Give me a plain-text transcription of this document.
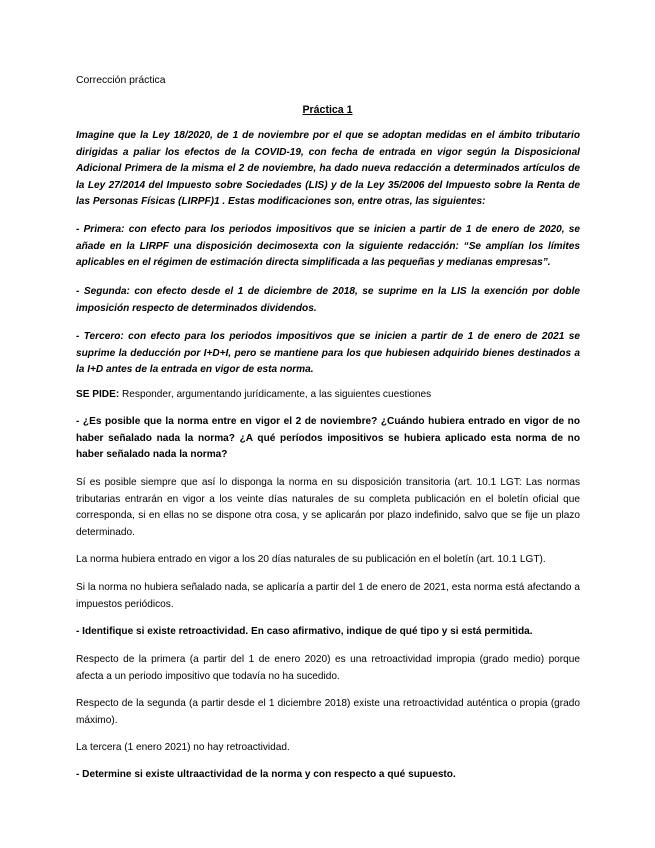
Corrección práctica
Práctica 1

Imagine que la Ley 18/2020, de 1 de noviembre por el que se adoptan medidas en el ámbito tributario dirigidas a paliar los efectos de la COVID-19, con fecha de entrada en vigor según la Disposicional Adicional Primera de la misma el 2 de noviembre, ha dado nueva redacción a determinados artículos de la Ley 27/2014 del Impuesto sobre Sociedades (LIS) y de la Ley 35/2006 del Impuesto sobre la Renta de las Personas Físicas (LIRPF)1 . Estas modificaciones son, entre otras, las siguientes:

- Primera: con efecto para los periodos impositivos que se inicien a partir de 1 de enero de 2020, se añade en la LIRPF una disposición decimosexta con la siguiente redacción: “Se amplían los límites aplicables en el régimen de estimación directa simplificada a las pequeñas y medianas empresas”.

- Segunda: con efecto desde el 1 de diciembre de 2018, se suprime en la LIS la exención por doble imposición respecto de determinados dividendos.

- Tercero: con efecto para los periodos impositivos que se inicien a partir de 1 de enero de 2021 se suprime la deducción por I+D+I, pero se mantiene para los que hubiesen adquirido bienes destinados a la I+D antes de la entrada en vigor de esta norma.

SE PIDE: Responder, argumentando jurídicamente, a las siguientes cuestiones

- ¿Es posible que la norma entre en vigor el 2 de noviembre? ¿Cuándo hubiera entrado en vigor de no haber señalado nada la norma? ¿A qué períodos impositivos se hubiera aplicado esta norma de no haber señalado nada la norma?

Sí es posible siempre que así lo disponga la norma en su disposición transitoria (art. 10.1 LGT: Las normas tributarias entrarán en vigor a los veinte días naturales de su completa publicación en el boletín oficial que corresponda, si en ellas no se dispone otra cosa, y se aplicarán por plazo indefinido, salvo que se fije un plazo determinado.

La norma hubiera entrado en vigor a los 20 días naturales de su publicación en el boletín (art. 10.1 LGT).

Si la norma no hubiera señalado nada, se aplicaría a partir del 1 de enero de 2021, esta norma está afectando a impuestos periódicos.

- Identifique si existe retroactividad. En caso afirmativo, indique de qué tipo y si está permitida.

Respecto de la primera (a partir del 1 de enero 2020) es una retroactividad impropia (grado medio) porque afecta a un periodo impositivo que todavía no ha sucedido.

Respecto de la segunda (a partir desde el 1 diciembre 2018) existe una retroactividad auténtica o propia (grado máximo).

La tercera (1 enero 2021) no hay retroactividad.

- Determine si existe ultraactividad de la norma y con respecto a qué supuesto.
